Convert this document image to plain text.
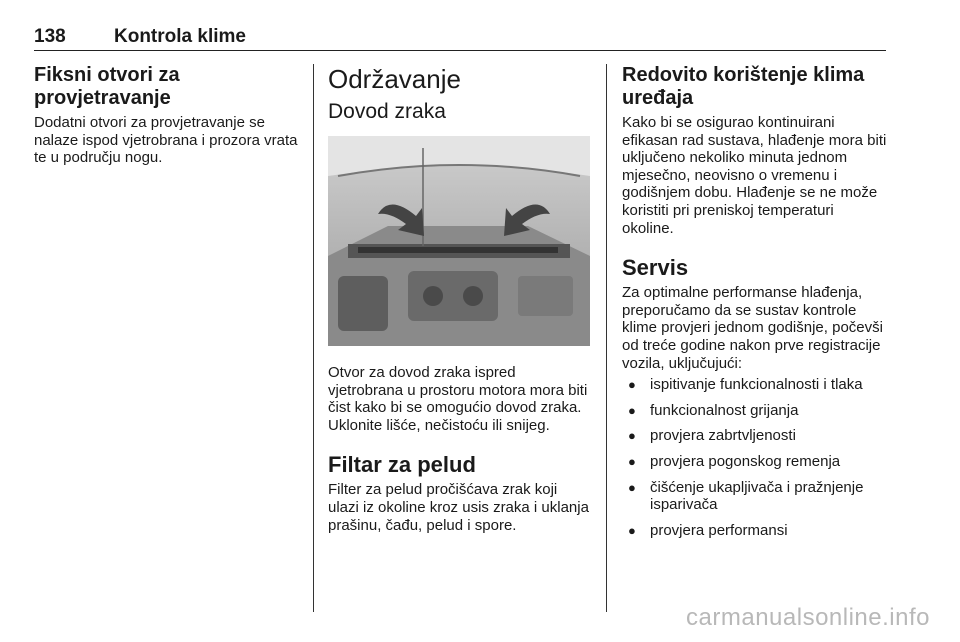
138	Kontrola klime
Fiksni otvori za provjetravanje

Dodatni otvori za provjetravanje se nalaze ispod vjetrobrana i prozora vrata te u području nogu.

Održavanje
Dovod zraka

Otvor za dovod zraka ispred vjetrobrana u prostoru motora mora biti čist kako bi se omogućio dovod zraka. Uklonite lišće, nečistoću ili snijeg.

Filtar za pelud

Filter za pelud pročišćava zrak koji ulazi iz okoline kroz usis zraka i uklanja prašinu, čađu, pelud i spore.

Redovito korištenje klima uređaja

Kako bi se osigurao kontinuirani efikasan rad sustava, hlađenje mora biti uključeno nekoliko minuta jednom mjesečno, neovisno o vremenu i godišnjem dobu. Hlađenje se ne može koristiti pri preniskoj temperaturi okoline.

Servis

Za optimalne performanse hlađenja, preporučamo da se sustav kontrole klime provjeri jednom godišnje, počevši od treće godine nakon prve registracije vozila, uključujući:

● ispitivanje funkcionalnosti i tlaka
● funkcionalnost grijanja
● provjera zabrtvljenosti
● provjera pogonskog remenja
● čišćenje ukapljivača i pražnjenje isparivača
● provjera performansi
carmanualsonline.info
